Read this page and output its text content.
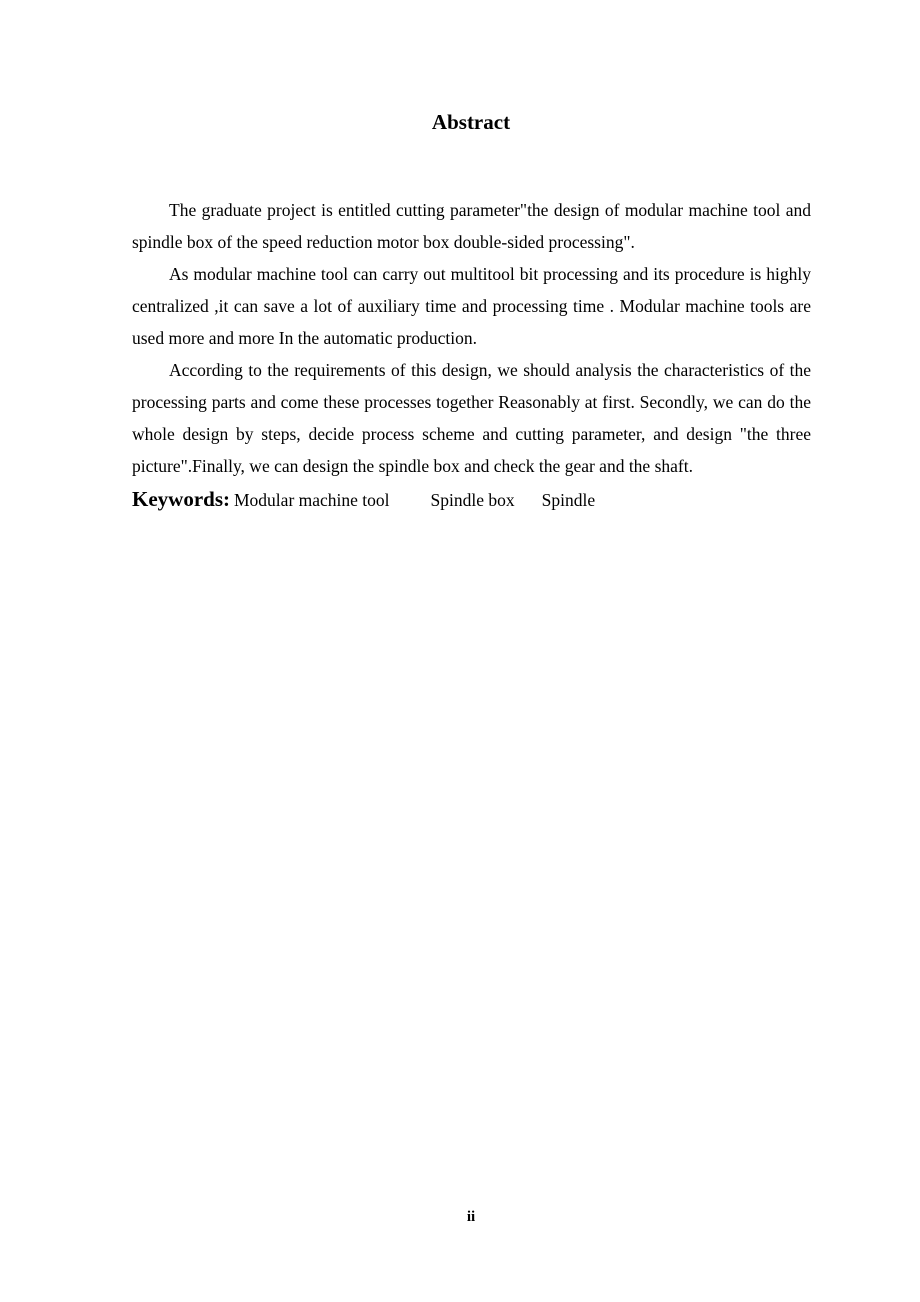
Abstract

The graduate project is entitled cutting parameter"the design of modular machine tool and spindle box of the speed reduction motor box double-sided processing".

As modular machine tool can carry out multitool bit processing and its procedure is highly centralized ,it can save a lot of auxiliary time and processing time . Modular machine tools are used more and more In the automatic production.

According to the requirements of this design, we should analysis the characteristics of the processing parts and come these processes together Reasonably at first. Secondly, we can do the whole design by steps, decide process scheme and cutting parameter, and design "the three picture".Finally, we can design the spindle box and check the gear and the shaft.

Keywords: Modular machine tool Spindle box Spindle
ii
